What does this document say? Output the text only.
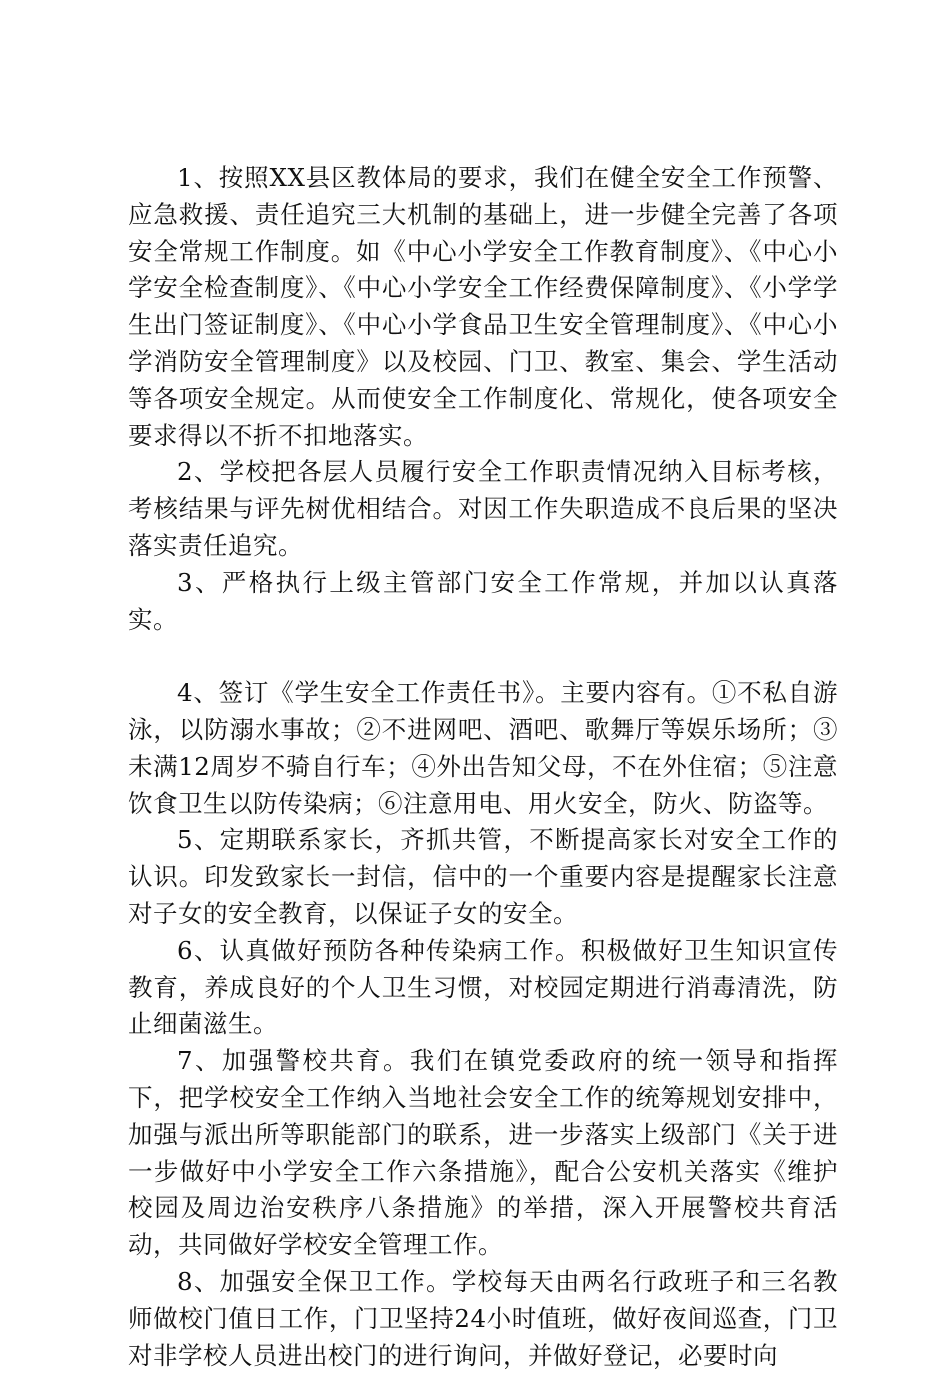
1、按照XX县区教体局的要求，我们在健全安全工作预警、应急救援、责任追究三大机制的基础上，进一步健全完善了各项安全常规工作制度。如《中心小学安全工作教育制度》、《中心小学安全检查制度》、《中心小学安全工作经费保障制度》、《小学学生出门签证制度》、《中心小学食品卫生安全管理制度》、《中心小学消防安全管理制度》以及校园、门卫、教室、集会、学生活动等各项安全规定。从而使安全工作制度化、常规化，使各项安全要求得以不折不扣地落实。

2、学校把各层人员履行安全工作职责情况纳入目标考核，考核结果与评先树优相结合。对因工作失职造成不良后果的坚决落实责任追究。

3、严格执行上级主管部门安全工作常规，并加以认真落实。

4、签订《学生安全工作责任书》。主要内容有。①不私自游泳，以防溺水事故；②不进网吧、酒吧、歌舞厅等娱乐场所；③未满12周岁不骑自行车；④外出告知父母，不在外住宿；⑤注意饮食卫生以防传染病；⑥注意用电、用火安全，防火、防盗等。

5、定期联系家长，齐抓共管，不断提高家长对安全工作的认识。印发致家长一封信，信中的一个重要内容是提醒家长注意对子女的安全教育，以保证子女的安全。

6、认真做好预防各种传染病工作。积极做好卫生知识宣传教育，养成良好的个人卫生习惯，对校园定期进行消毒清洗，防止细菌滋生。

7、加强警校共育。我们在镇党委政府的统一领导和指挥下，把学校安全工作纳入当地社会安全工作的统筹规划安排中，加强与派出所等职能部门的联系，进一步落实上级部门《关于进一步做好中小学安全工作六条措施》，配合公安机关落实《维护校园及周边治安秩序八条措施》的举措，深入开展警校共育活动，共同做好学校安全管理工作。

8、加强安全保卫工作。学校每天由两名行政班子和三名教师做校门值日工作，门卫坚持24小时值班，做好夜间巡查，门卫对非学校人员进出校门的进行询问，并做好登记，必要时向
